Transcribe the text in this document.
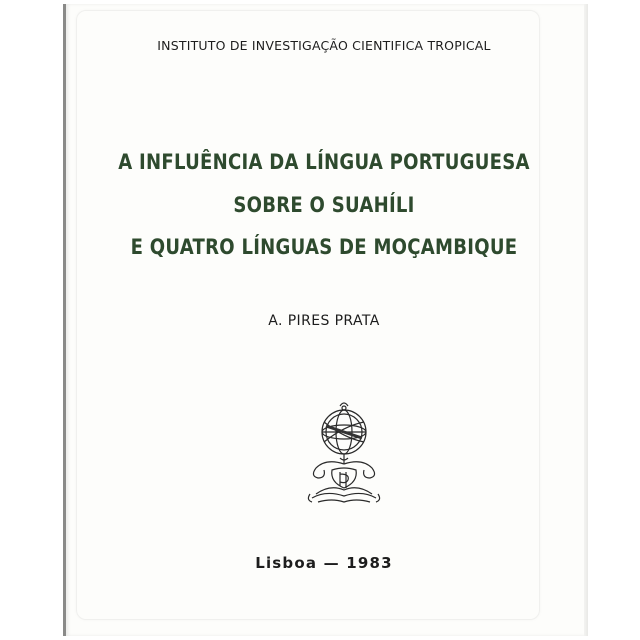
INSTITUTO DE INVESTIGAÇÃO CIENTIFICA TROPICAL
A INFLUÊNCIA DA LÍNGUA PORTUGUESA
SOBRE O SUAHÍLI
E QUATRO LÍNGUAS DE MOÇAMBIQUE
A. PIRES PRATA
Lisboa — 1983
